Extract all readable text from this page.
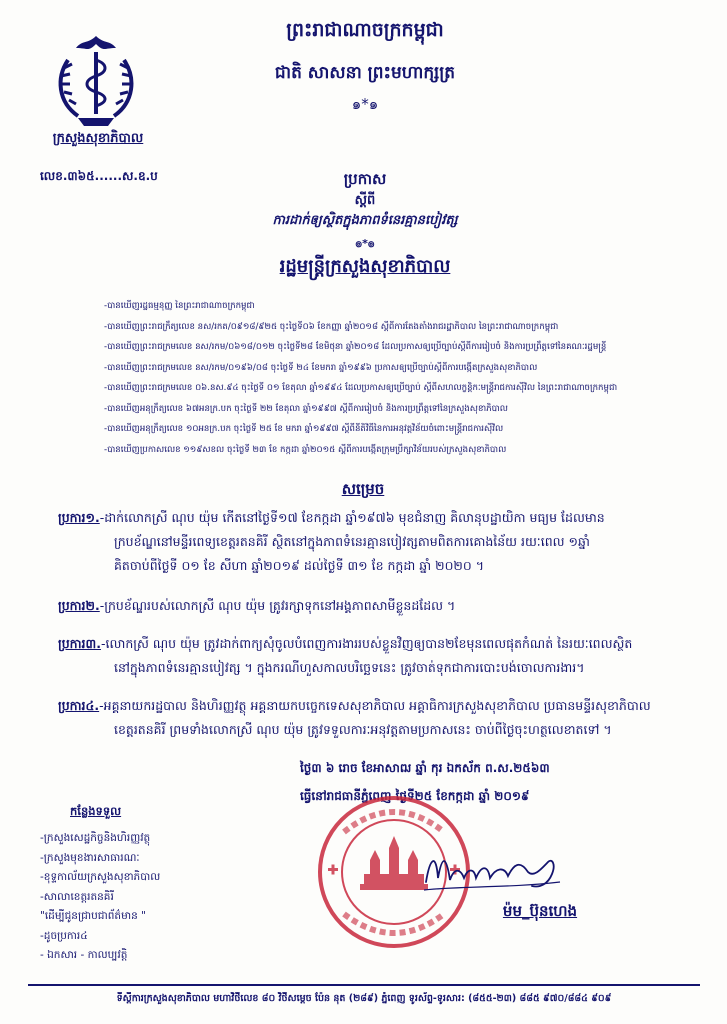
ក្រសួងសុខាភិបាល
លេខ.៣៦៥......ស.ឧ.ប
ព្រះរាជាណាចក្រកម្ពុជា
ជាតិ សាសនា ព្រះមហាក្សត្រ
๑*๑
ប្រកាស
ស្តីពី
ការដាក់ឲ្យស្ថិតក្នុងភាពទំនេរគ្មានបៀវត្ស
๏*๏
រដ្ឋមន្ត្រីក្រសួងសុខាភិបាល
-បានឃើញរដ្ឋធម្មនុញ្ញ នៃព្រះរាជាណាចក្រកម្ពុជា
-បានឃើញព្រះរាជក្រឹត្យលេខ នស/រកត/០៩១៨/៩២៥ ចុះថ្ងៃទី០៦ ខែកញ្ញា ឆ្នាំ២០១៨ ស្តីពីការតែងតាំងរាជរដ្ឋាភិបាល នៃព្រះរាជាណាចក្រកម្ពុជា
-បានឃើញព្រះរាជក្រមលេខ នស/រកម/០៦១៨/០១២ ចុះថ្ងៃទី២៨ ខែមិថុនា ឆ្នាំ២០១៨ ដែលប្រកាសឲ្យប្រើច្បាប់ស្តីពីការរៀបចំ និងការប្រព្រឹត្តទៅនៃគណៈរដ្ឋមន្ត្រី
-បានឃើញព្រះរាជក្រមលេខ នស/រកម/០១៩៦/០៨ ចុះថ្ងៃទី ២៤ ខែមករា ឆ្នាំ១៩៩៦ ប្រកាសឲ្យប្រើច្បាប់ស្តីពីការបង្កើតក្រសួងសុខាភិបាល
-បានឃើញព្រះរាជក្រមលេខ ០៦.នស.៩៤ ចុះថ្ងៃទី ០១ ខែតុលា ឆ្នាំ១៩៩៤ ដែលប្រកាសឲ្យប្រើច្បាប់ ស្តីពីសហលក្ខន្តិកៈមន្ត្រីរាជការស៊ីវិល នៃព្រះរាជាណាចក្រកម្ពុជា
-បានឃើញអនុក្រឹត្យលេខ ៦៧អនក្រ.បក ចុះថ្ងៃទី ២២ ខែតុលា ឆ្នាំ១៩៩៧ ស្តីពីការរៀបចំ និងការប្រព្រឹត្តទៅនៃក្រសួងសុខាភិបាល
-បានឃើញអនុក្រឹត្យលេខ ១០អនក្រ.បក ចុះថ្ងៃទី ២៥ ខែ មករា ឆ្នាំ១៩៩៧ ស្តីពីនីតិវិធីនៃការអនុវត្តវិន័យចំពោះមន្ត្រីរាជការស៊ីវិល
-បានឃើញប្រកាសលេខ ១១៩សខល ចុះថ្ងៃទី ២៣ ខែ កក្កដា ឆ្នាំ២០១៥ ស្តីពីការបង្កើតក្រុមប្រឹក្សាវិន័យរបស់ក្រសួងសុខាភិបាល
សម្រេច
ប្រការ១.-ដាក់លោកស្រី ណុប យ៉ុម កើតនៅថ្ងៃទី១៧ ខែកក្កដា ឆ្នាំ១៩៧៦ មុខជំនាញ គិលានុបដ្ឋាយិកា មធ្យម ដែលមាន
ក្របខ័ណ្ឌនៅមន្ទីរពេទ្យខេត្តរតនគិរី ស្ថិតនៅក្នុងភាពទំនេរគ្មានបៀវត្សតាមពិតការគោងនៃ័យ រយៈពេល ១ឆ្នាំ
គិតចាប់ពីថ្ងៃទី ០១ ខែ សីហា ឆ្នាំ២០១៩ ដល់ថ្ងៃទី ៣១ ខែ កក្កដា ឆ្នាំ ២០២០ ។
ប្រការ២.-ក្របខ័ណ្ឌរបស់លោកស្រី ណុប យ៉ុម ត្រូវរក្សាទុកនៅអង្គភាពសាមីខ្លួនដដែល ។
ប្រការ៣.-លោកស្រី ណុប យ៉ុម ត្រូវដាក់ពាក្យសុំចូលបំពេញការងាររបស់ខ្លួនវិញឲ្យបាន២ខែមុនពេលផុតកំណត់ នៃរយៈពេលស្ថិត
នៅក្នុងភាពទំនេរគ្មានបៀវត្ស ។ ក្នុងករណីហួសកាលបរិច្ឆេទនេះ ត្រូវចាត់ទុកជាការបោះបង់ចោលការងារ។
ប្រការ៤.-អគ្គនាយករដ្ឋបាល និងហិរញ្ញវត្ថុ អគ្គនាយកបច្ចេកទេសសុខាភិបាល អគ្គាធិការក្រសួងសុខាភិបាល ប្រធានមន្ទីរសុខាភិបាល
ខេត្តរតនគិរី ព្រមទាំងលោកស្រី ណុប យ៉ុម ត្រូវទទួលការៈអនុវត្តតាមប្រកាសនេះ ចាប់ពីថ្ងៃចុះហត្ថលេខាតទៅ ។
ថ្ងៃ៣ ៦ រោច ខែអាសាឍ ឆ្នាំ កុរ ឯកស័ក ព.ស.២៥៦៣
ធ្វើនៅរាជធានីភ្នំពេញ ថ្ងៃទី២៥ ខែកក្កដា ឆ្នាំ ២០១៩
កន្លែងទទួល
-ក្រសួងសេដ្ឋកិច្ចនិងហិរញ្ញវត្ថុ
-ក្រសួងមុខងារសាធារណៈ
-ខុទ្ទកាល័យក្រសួងសុខាភិបាល
-សាលាខេត្តរតនគិរី
"ដើម្បីជូនជ្រាបជាព័ត៌មាន "
-ដូចប្រការ៤
- ឯកសារ - កាលប្បវត្តិ
ម៉ម_ប៊ុនហេង
ទីស្តីការក្រសួងសុខាភិបាល មហាវិថីលេខ ៨០ វិថីសម្តេច ប៉ែន នុត (២៨៩) ភ្នំពេញ ទូរស័ព្ទ-ទូរសារ: (៨៥៥-២៣) ៨៨៥ ៩៧០/៨៨៤ ៩០៩
